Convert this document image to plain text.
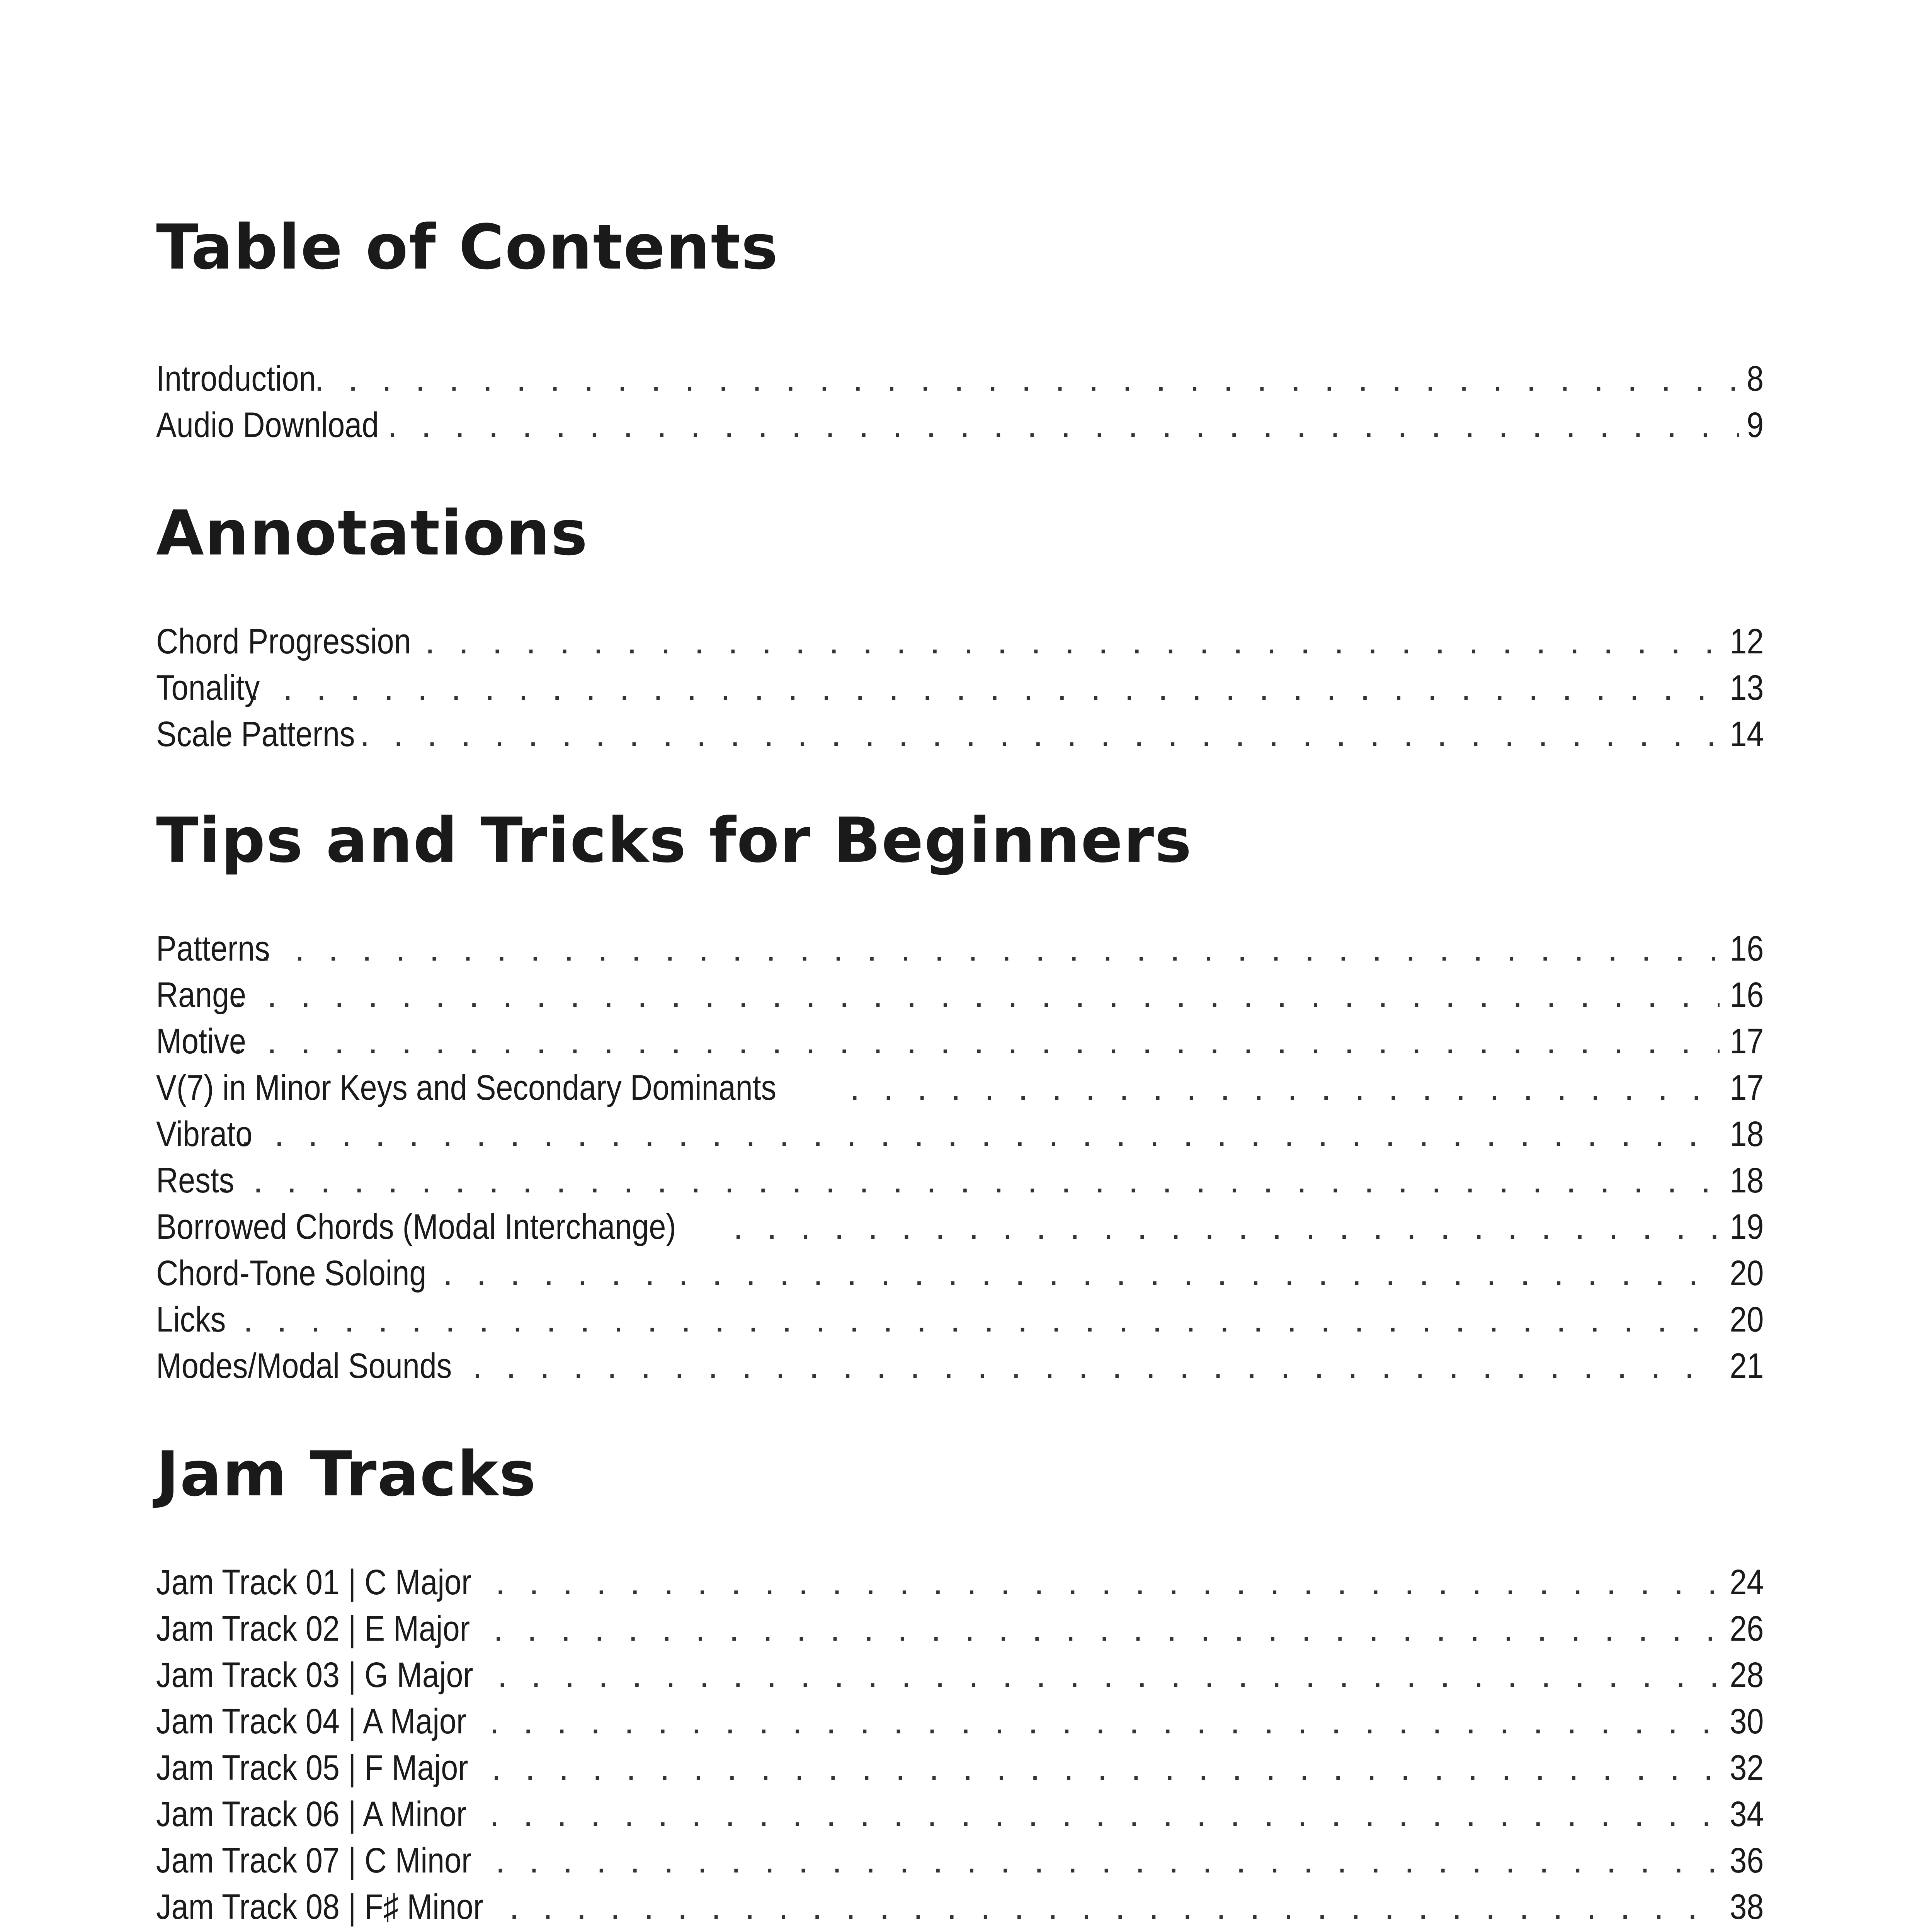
Table of Contents
Introduction . . .	8
Audio Download . . .	9
Annotations
Chord Progression . . .	12
Tonality . . .	13
Scale Patterns . . .	14
Tips and Tricks for Beginners
Patterns . . .	16
Range . . .	16
Motive . . .	17
V(7) in Minor Keys and Secondary Dominants . . .	17
Vibrato . . .	18
Rests . . .	18
Borrowed Chords (Modal Interchange) . . .	19
Chord-Tone Soloing . . .	20
Licks . . .	20
Modes/Modal Sounds . . .	21
Jam Tracks
Jam Track 01 | C Major . . .	24
Jam Track 02 | E Major . . .	26
Jam Track 03 | G Major . . .	28
Jam Track 04 | A Major . . .	30
Jam Track 05 | F Major . . .	32
Jam Track 06 | A Minor . . .	34
Jam Track 07 | C Minor . . .	36
Jam Track 08 | F♯ Minor . . .	38
. . .
